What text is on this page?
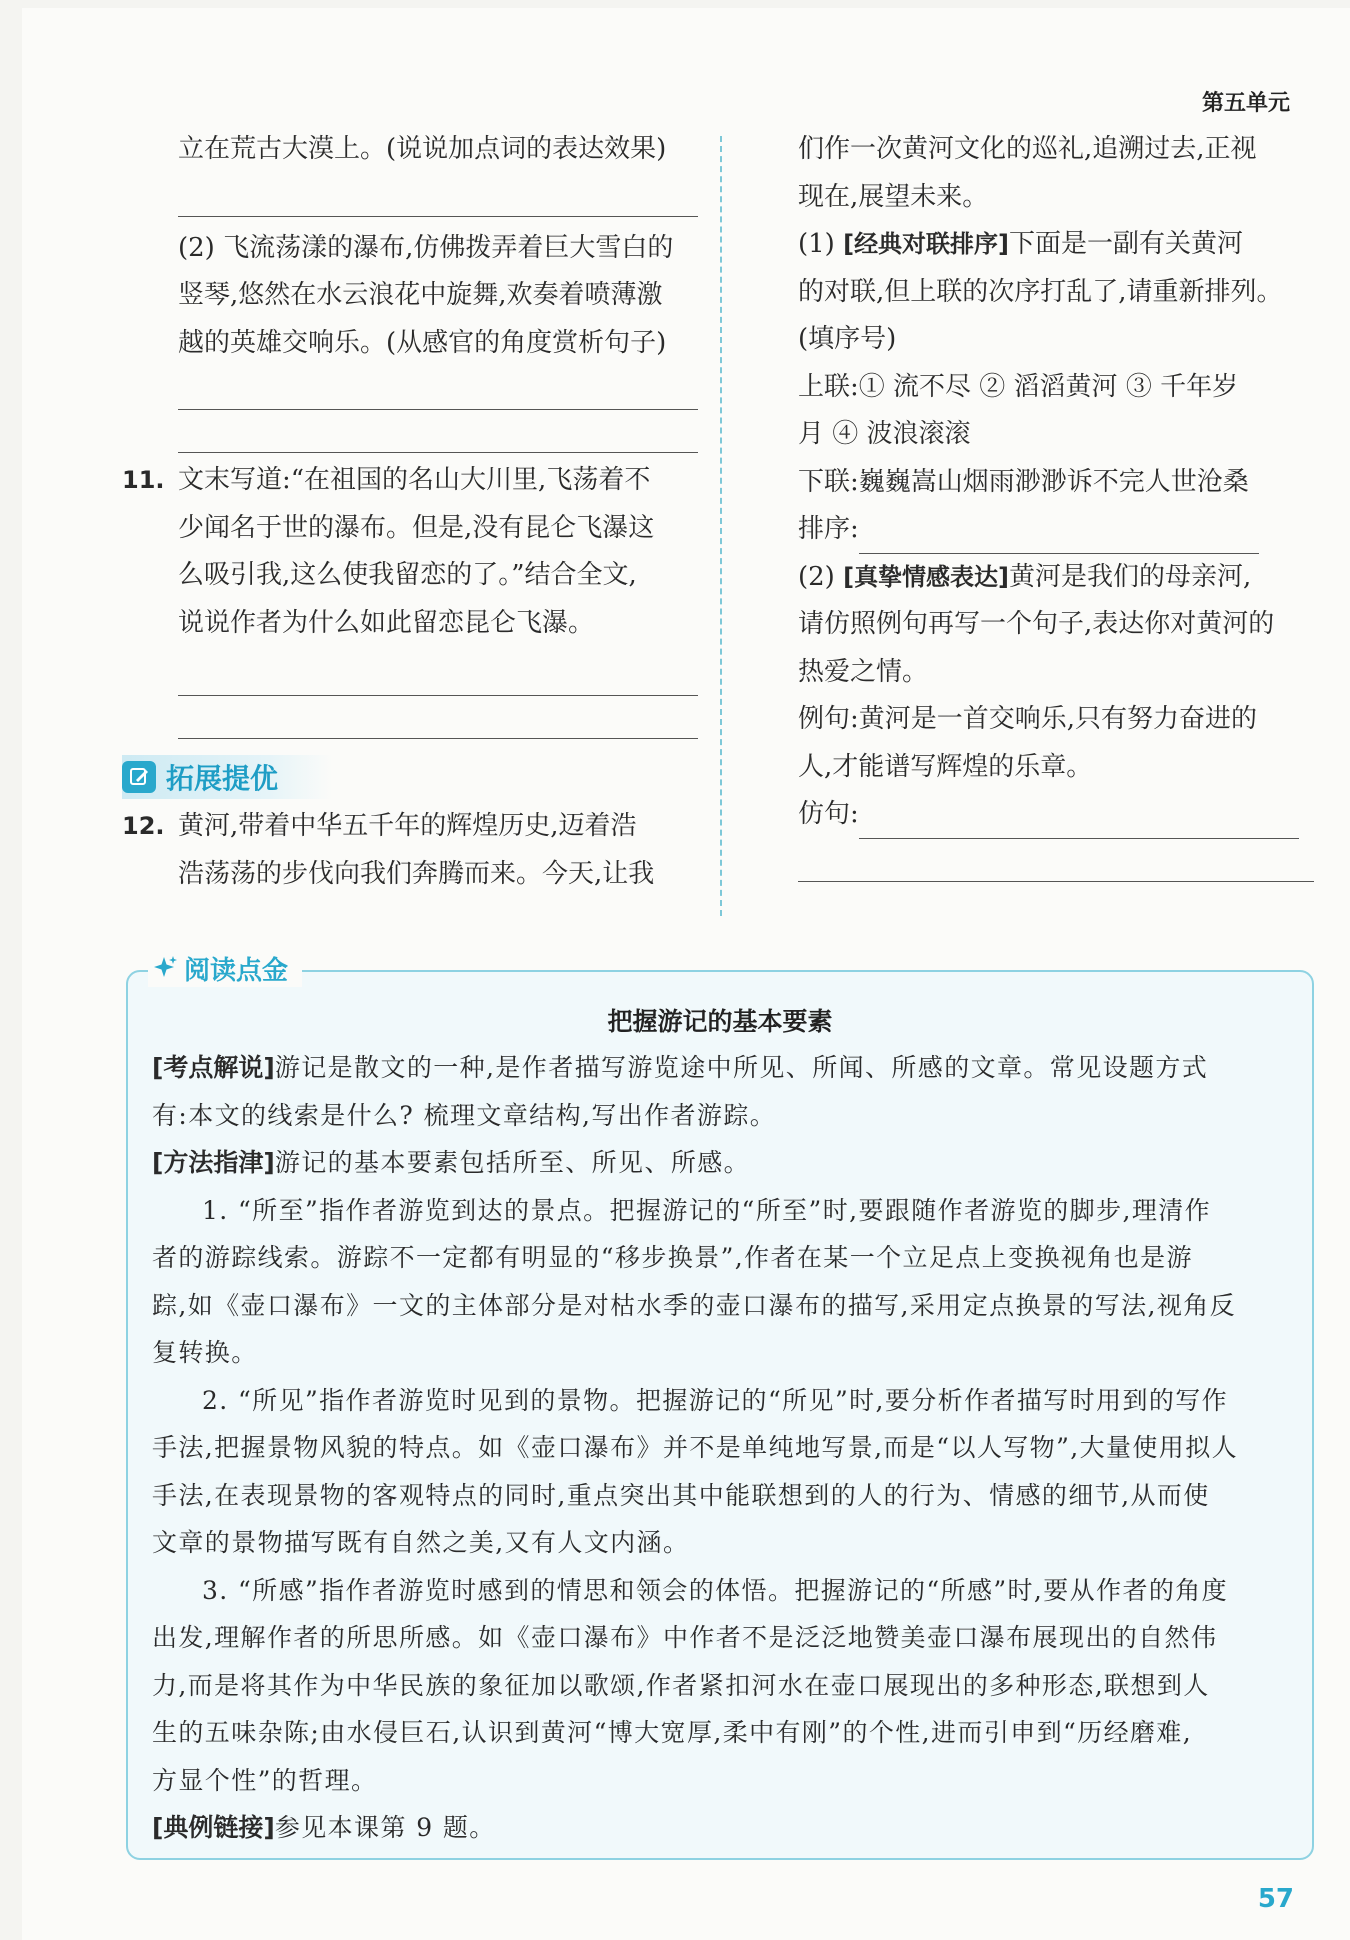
第五单元
立在荒古大漠上。(说说加点词的表达效果)
(2) 飞流荡漾的瀑布,仿佛拨弄着巨大雪白的
竖琴,悠然在水云浪花中旋舞,欢奏着喷薄激
越的英雄交响乐。(从感官的角度赏析句子)
11. 文末写道:“在祖国的名山大川里,飞荡着不
少闻名于世的瀑布。但是,没有昆仑飞瀑这
么吸引我,这么使我留恋的了。”结合全文,
说说作者为什么如此留恋昆仑飞瀑。
拓展提优
12. 黄河,带着中华五千年的辉煌历史,迈着浩
浩荡荡的步伐向我们奔腾而来。今天,让我
们作一次黄河文化的巡礼,追溯过去,正视
现在,展望未来。
(1) [经典对联排序]下面是一副有关黄河
的对联,但上联的次序打乱了,请重新排列。
(填序号)
上联:① 流不尽 ② 滔滔黄河 ③ 千年岁
月 ④ 波浪滚滚
下联:巍巍嵩山烟雨渺渺诉不完人世沧桑
排序:
(2) [真挚情感表达]黄河是我们的母亲河,
请仿照例句再写一个句子,表达你对黄河的
热爱之情。
例句:黄河是一首交响乐,只有努力奋进的
人,才能谱写辉煌的乐章。
仿句:
阅读点金
把握游记的基本要素
[考点解说]游记是散文的一种,是作者描写游览途中所见、所闻、所感的文章。常见设题方式
有:本文的线索是什么? 梳理文章结构,写出作者游踪。
[方法指津]游记的基本要素包括所至、所见、所感。
1. “所至”指作者游览到达的景点。把握游记的“所至”时,要跟随作者游览的脚步,理清作
者的游踪线索。游踪不一定都有明显的“移步换景”,作者在某一个立足点上变换视角也是游
踪,如《壶口瀑布》一文的主体部分是对枯水季的壶口瀑布的描写,采用定点换景的写法,视角反
复转换。
2. “所见”指作者游览时见到的景物。把握游记的“所见”时,要分析作者描写时用到的写作
手法,把握景物风貌的特点。如《壶口瀑布》并不是单纯地写景,而是“以人写物”,大量使用拟人
手法,在表现景物的客观特点的同时,重点突出其中能联想到的人的行为、情感的细节,从而使
文章的景物描写既有自然之美,又有人文内涵。
3. “所感”指作者游览时感到的情思和领会的体悟。把握游记的“所感”时,要从作者的角度
出发,理解作者的所思所感。如《壶口瀑布》中作者不是泛泛地赞美壶口瀑布展现出的自然伟
力,而是将其作为中华民族的象征加以歌颂,作者紧扣河水在壶口展现出的多种形态,联想到人
生的五味杂陈;由水侵巨石,认识到黄河“博大宽厚,柔中有刚”的个性,进而引申到“历经磨难,
方显个性”的哲理。
[典例链接]参见本课第 9 题。
57
